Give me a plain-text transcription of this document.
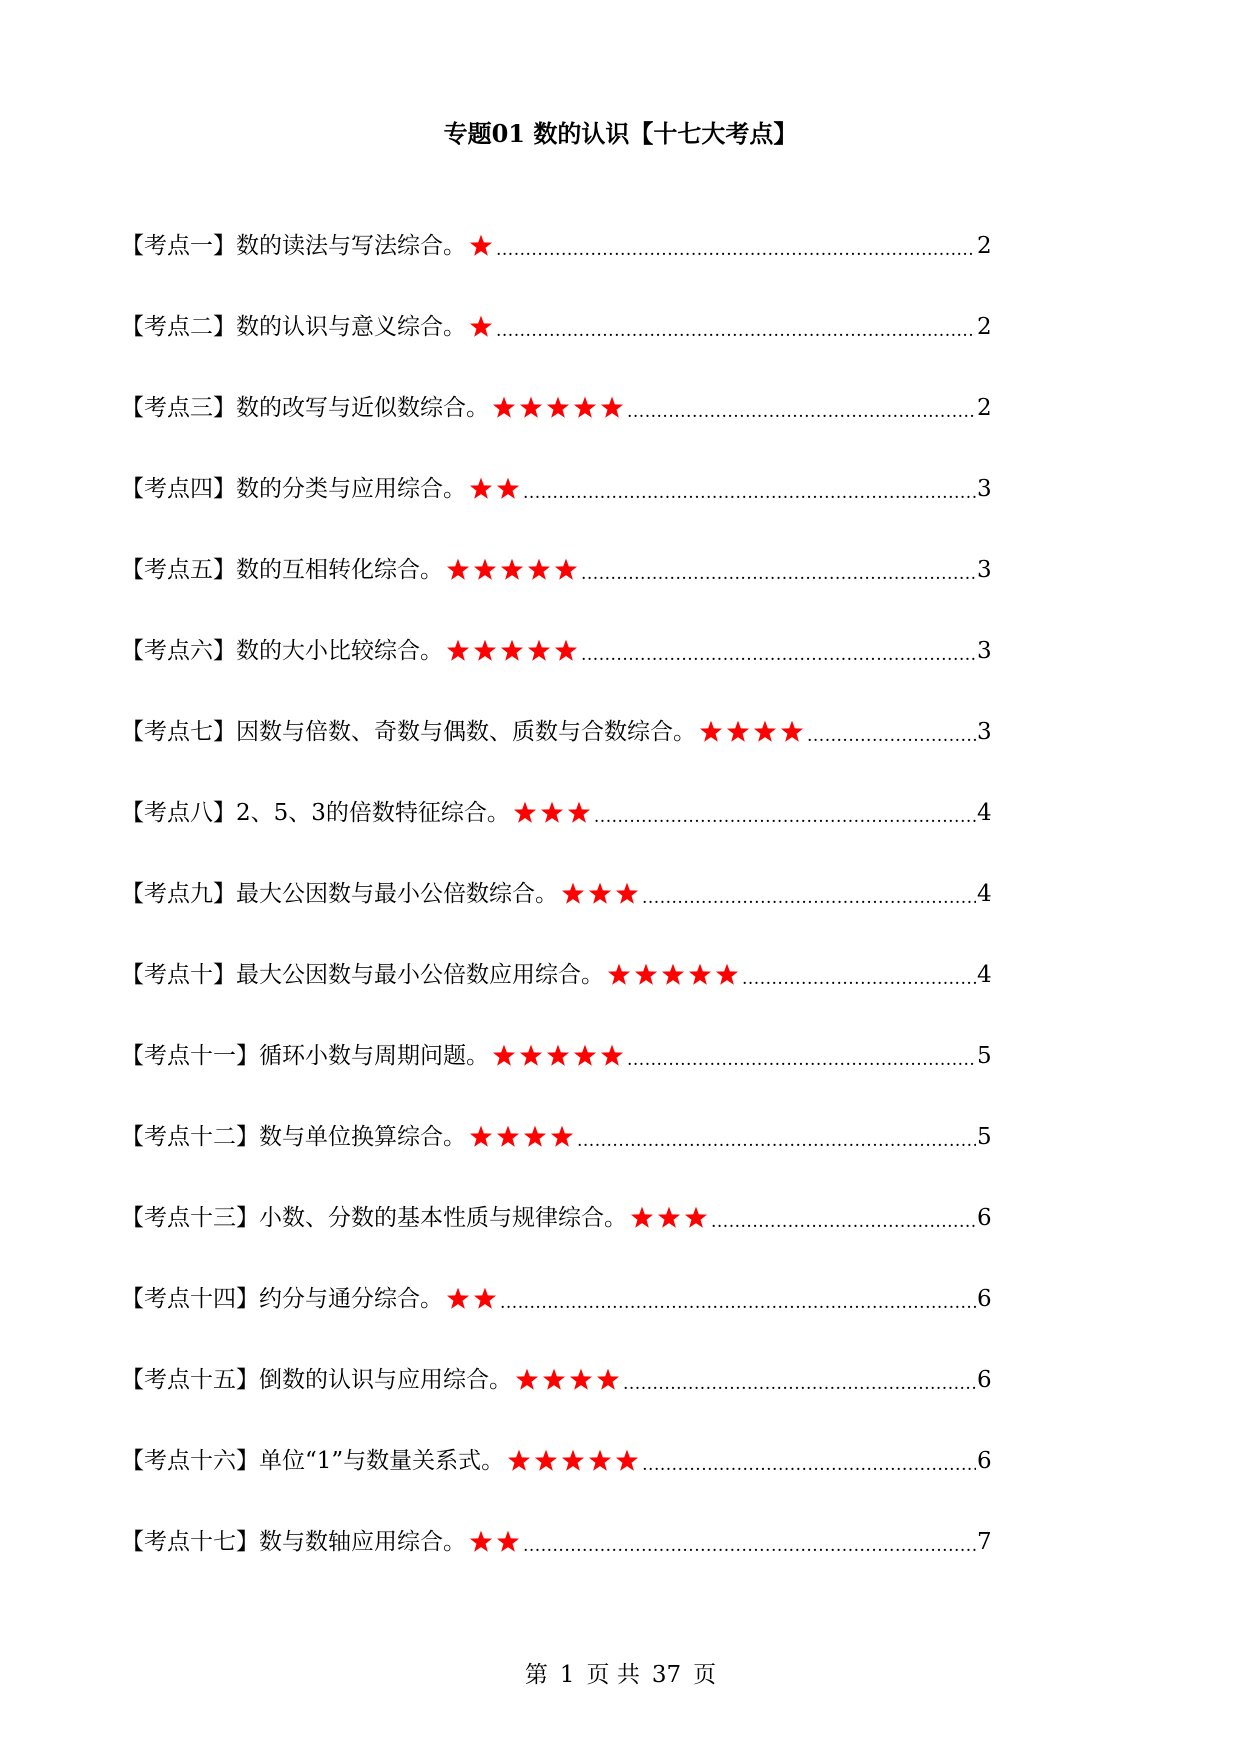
专题01 数的认识【十七大考点】
【考点一】数的读法与写法综合。 .....	2
【考点二】数的认识与意义综合。 .....	2
【考点三】数的改写与近似数综合。 .....	2
【考点四】数的分类与应用综合。 .....	3
【考点五】数的互相转化综合。 .....	3
【考点六】数的大小比较综合。 .....	3
【考点七】因数与倍数、奇数与偶数、质数与合数综合。 .....	3
【考点八】2、5、3的倍数特征综合。 .....	4
【考点九】最大公因数与最小公倍数综合。 .....	4
【考点十】最大公因数与最小公倍数应用综合。 .....	4
【考点十一】循环小数与周期问题。 .....	5
【考点十二】数与单位换算综合。 .....	5
【考点十三】小数、分数的基本性质与规律综合。 .....	6
【考点十四】约分与通分综合。 .....	6
【考点十五】倒数的认识与应用综合。 .....	6
【考点十六】单位“1”与数量关系式。 .....	6
【考点十七】数与数轴应用综合。 .....	7
第 1 页 共 37 页
